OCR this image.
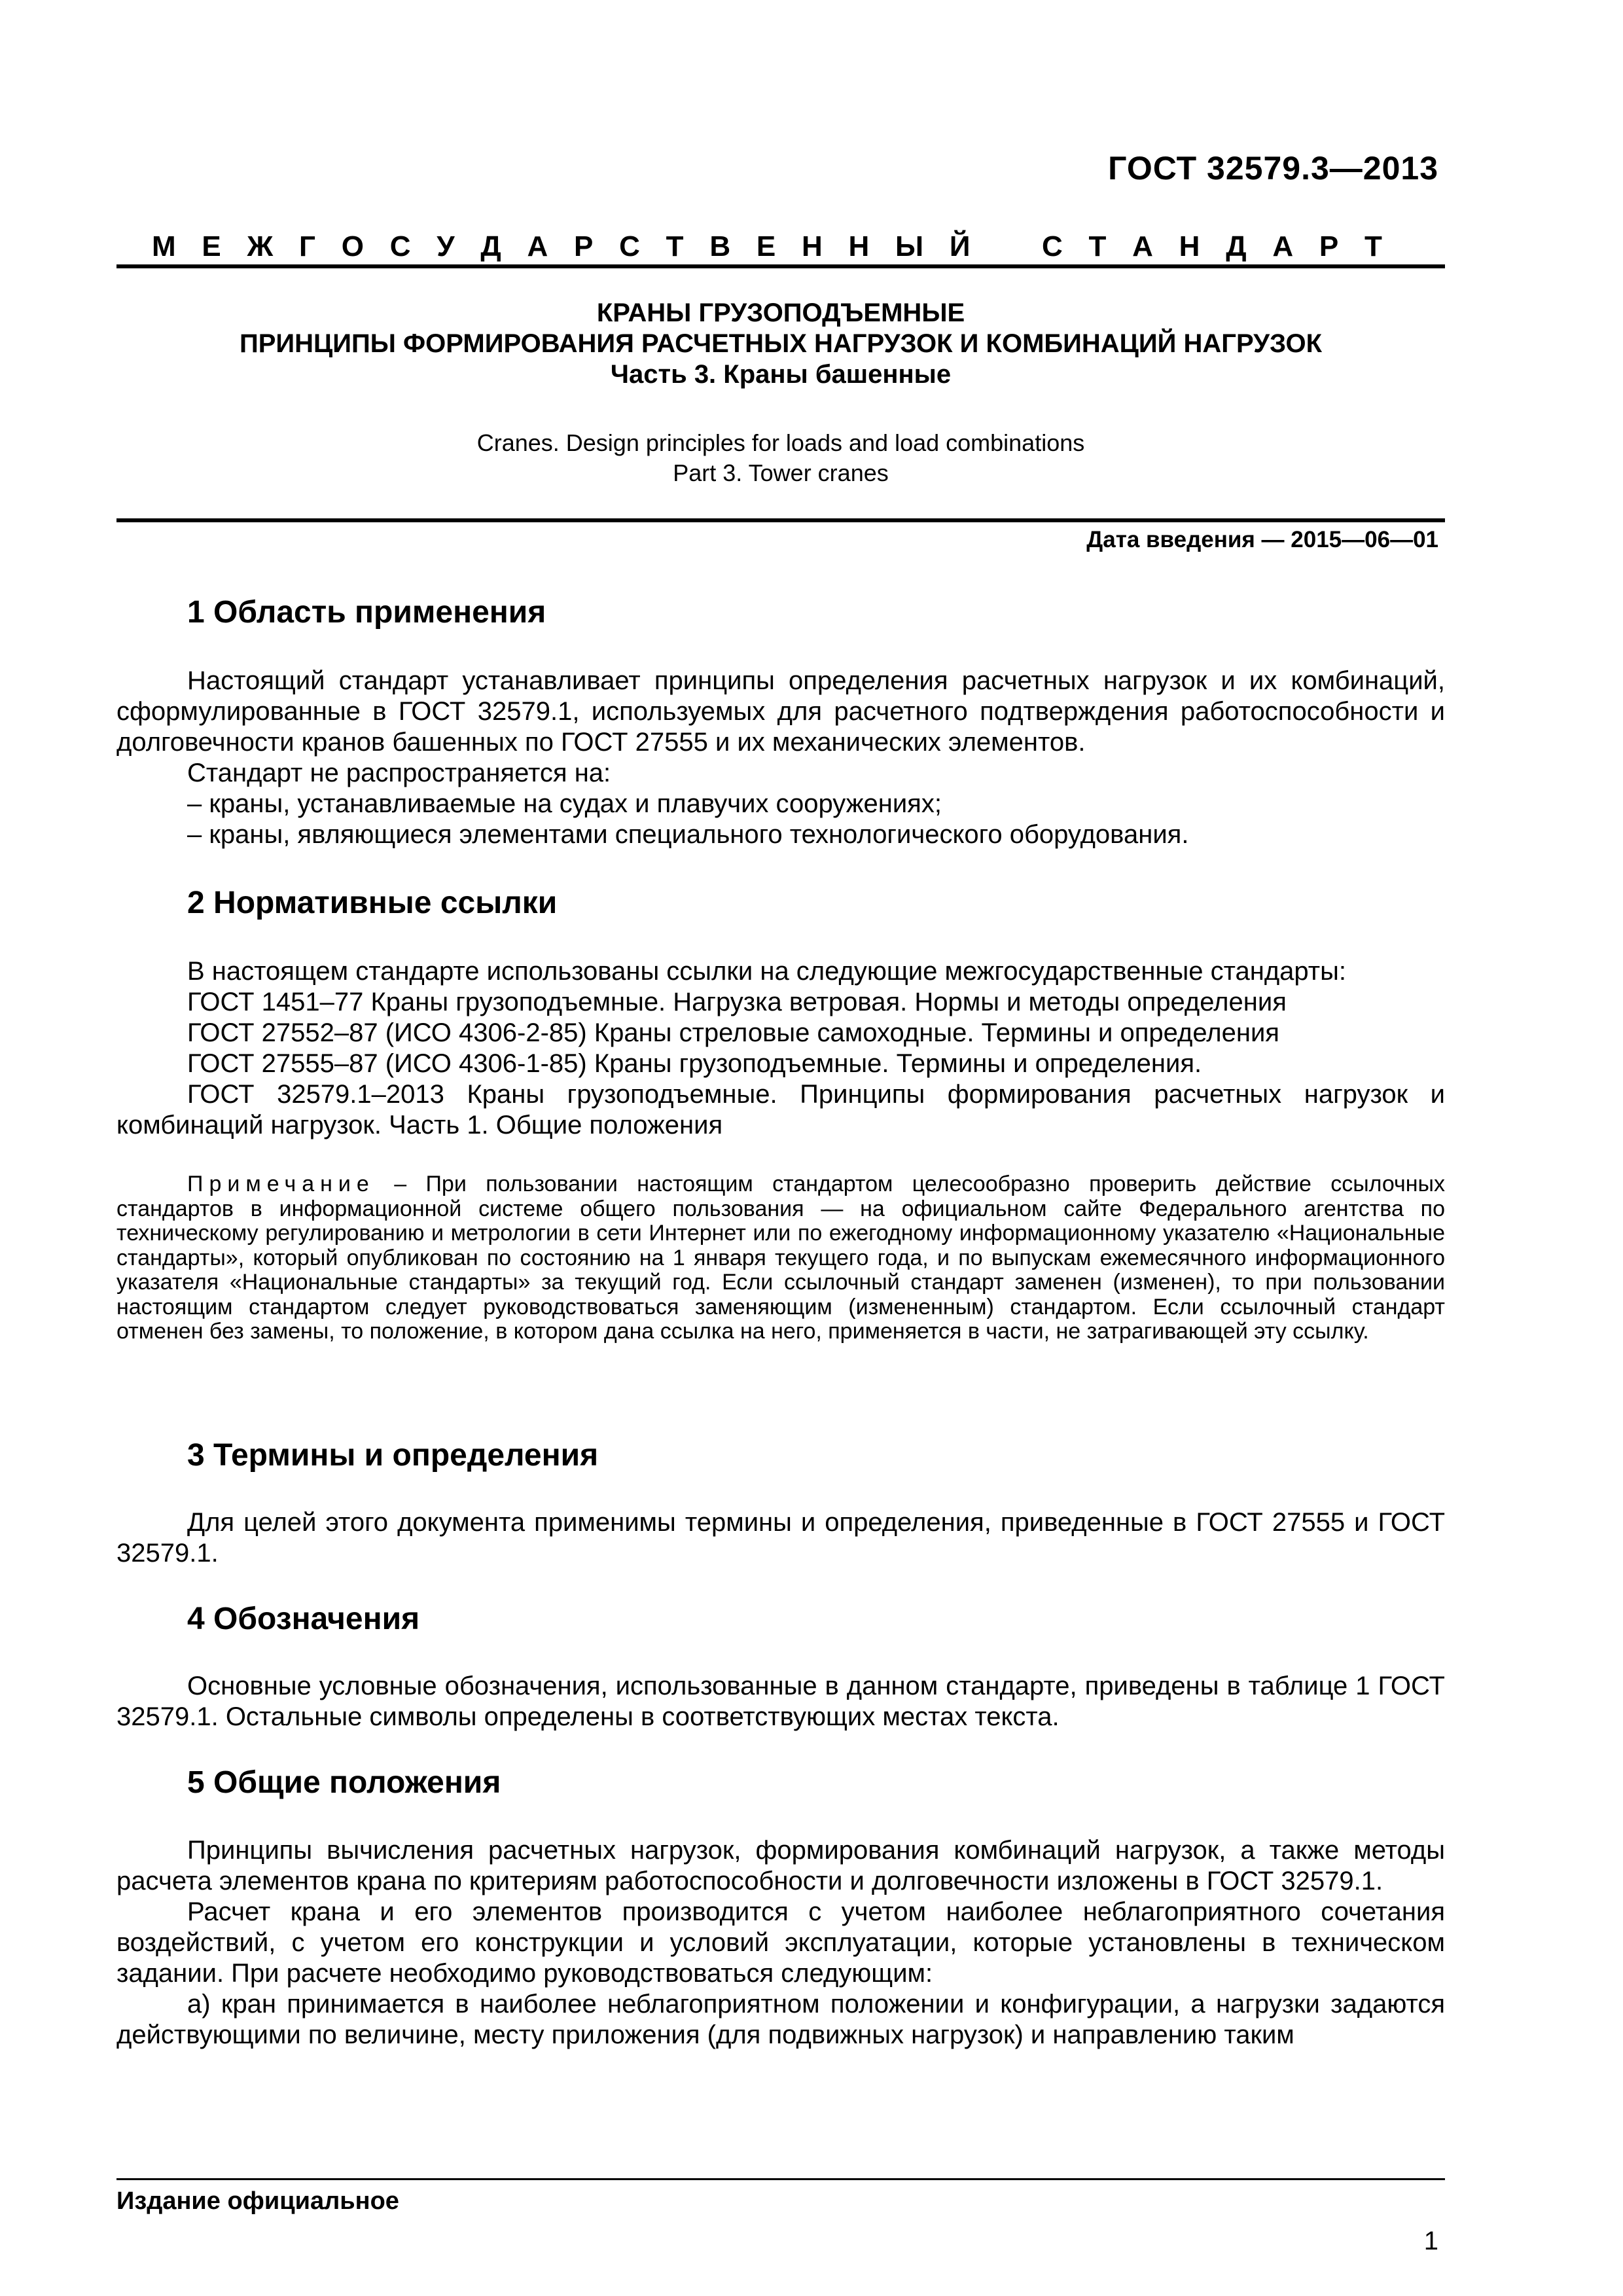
ГОСТ 32579.3—2013
М Е Ж Г О С У Д А Р С Т В Е Н Н Ы Й С Т А Н Д А Р Т
КРАНЫ ГРУЗОПОДЪЕМНЫЕ
ПРИНЦИПЫ ФОРМИРОВАНИЯ РАСЧЕТНЫХ НАГРУЗОК И КОМБИНАЦИЙ НАГРУЗОК
Часть 3. Краны башенные
Cranes. Design principles for loads and load combinations
Part 3. Tower cranes
Дата введения — 2015—06—01
1 Область применения

Настоящий стандарт устанавливает принципы определения расчетных нагрузок и их комбинаций, сформулированные в ГОСТ 32579.1, используемых для расчетного подтверждения работоспособности и долговечности кранов башенных по ГОСТ 27555 и их механических элементов.

Стандарт не распространяется на:

– краны, устанавливаемые на судах и плавучих сооружениях;

– краны, являющиеся элементами специального технологического оборудования.

2 Нормативные ссылки

В настоящем стандарте использованы ссылки на следующие межгосударственные стандарты:

ГОСТ 1451–77 Краны грузоподъемные. Нагрузка ветровая. Нормы и методы определения

ГОСТ 27552–87 (ИСО 4306-2-85) Краны стреловые самоходные. Термины и определения

ГОСТ 27555–87 (ИСО 4306-1-85) Краны грузоподъемные. Термины и определения.

ГОСТ 32579.1–2013 Краны грузоподъемные. Принципы формирования расчетных нагрузок и комбинаций нагрузок. Часть 1. Общие положения

Примечание – При пользовании настоящим стандартом целесообразно проверить действие ссылочных стандартов в информационной системе общего пользования — на официальном сайте Федерального агентства по техническому регулированию и метрологии в сети Интернет или по ежегодному информационному указателю «Национальные стандарты», который опубликован по состоянию на 1 января текущего года, и по выпускам ежемесячного информационного указателя «Национальные стандарты» за текущий год. Если ссылочный стандарт заменен (изменен), то при пользовании настоящим стандартом следует руководствоваться заменяющим (измененным) стандартом. Если ссылочный стандарт отменен без замены, то положение, в котором дана ссылка на него, применяется в части, не затрагивающей эту ссылку.

3 Термины и определения

Для целей этого документа применимы термины и определения, приведенные в ГОСТ 27555 и ГОСТ 32579.1.

4 Обозначения

Основные условные обозначения, использованные в данном стандарте, приведены в таблице 1 ГОСТ 32579.1. Остальные символы определены в соответствующих местах текста.

5 Общие положения

Принципы вычисления расчетных нагрузок, формирования комбинаций нагрузок, а также методы расчета элементов крана по критериям работоспособности и долговечности изложены в ГОСТ 32579.1.

Расчет крана и его элементов производится с учетом наиболее неблагоприятного сочетания воздействий, с учетом его конструкции и условий эксплуатации, которые установлены в техническом задании. При расчете необходимо руководствоваться следующим:

а) кран принимается в наиболее неблагоприятном положении и конфигурации, а нагрузки задаются действующими по величине, месту приложения (для подвижных нагрузок) и направлению таким

Издание официальное
1
